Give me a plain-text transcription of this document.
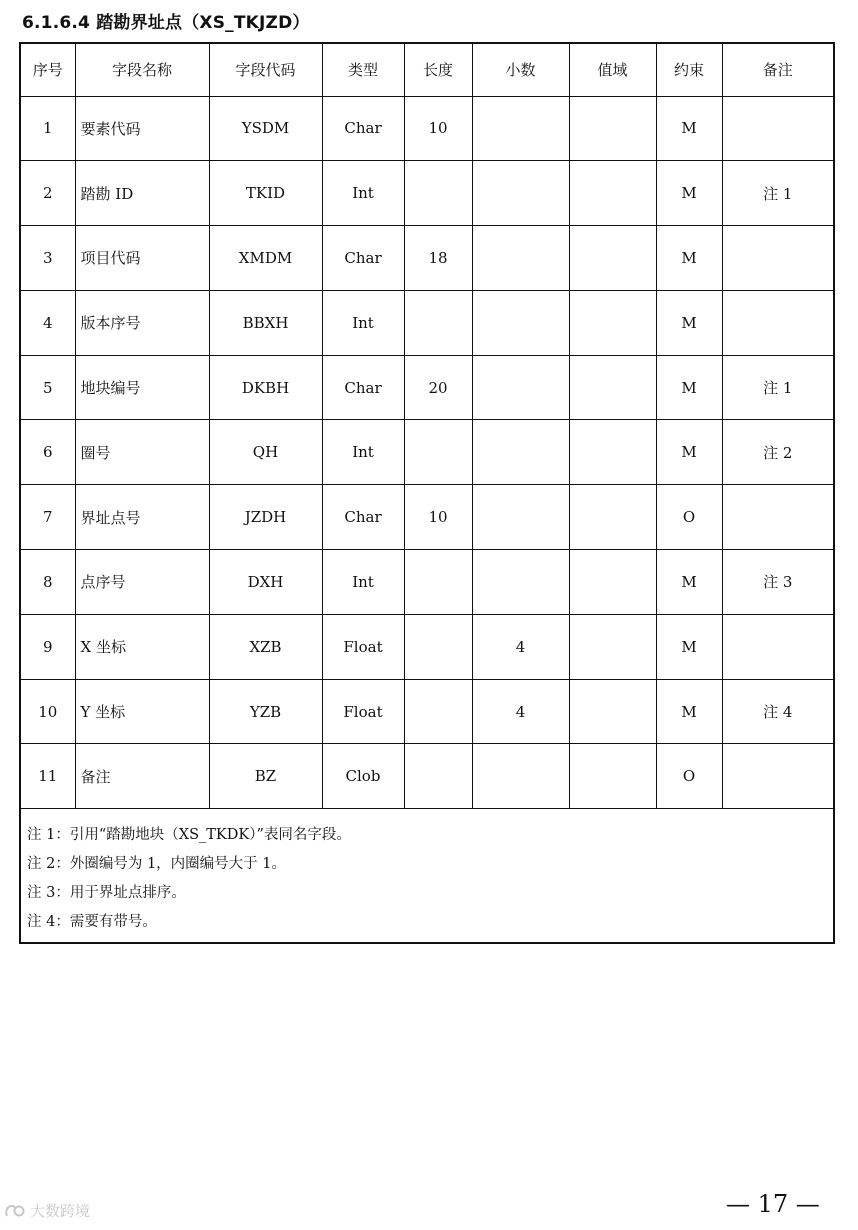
6.1.6.4 踏勘界址点（XS_TKJZD）
序号	字段名称	字段代码	类型	长度	小数	值域	约束	备注
1	要素代码	YSDM	Char	10			M	
2	踏勘 ID	TKID	Int				M	注 1
3	项目代码	XMDM	Char	18			M	
4	版本序号	BBXH	Int				M	
5	地块编号	DKBH	Char	20			M	注 1
6	圈号	QH	Int				M	注 2
7	界址点号	JZDH	Char	10			O	
8	点序号	DXH	Int				M	注 3
9	X 坐标	XZB	Float		4		M	
10	Y 坐标	YZB	Float		4		M	注 4
11	备注	BZ	Clob				O	
注 1：引用“踏勘地块（XS_TKDK）”表同名字段。
注 2：外圈编号为 1，内圈编号大于 1。
注 3：用于界址点排序。
注 4：需要有带号。
大数跨境	— 17 —
